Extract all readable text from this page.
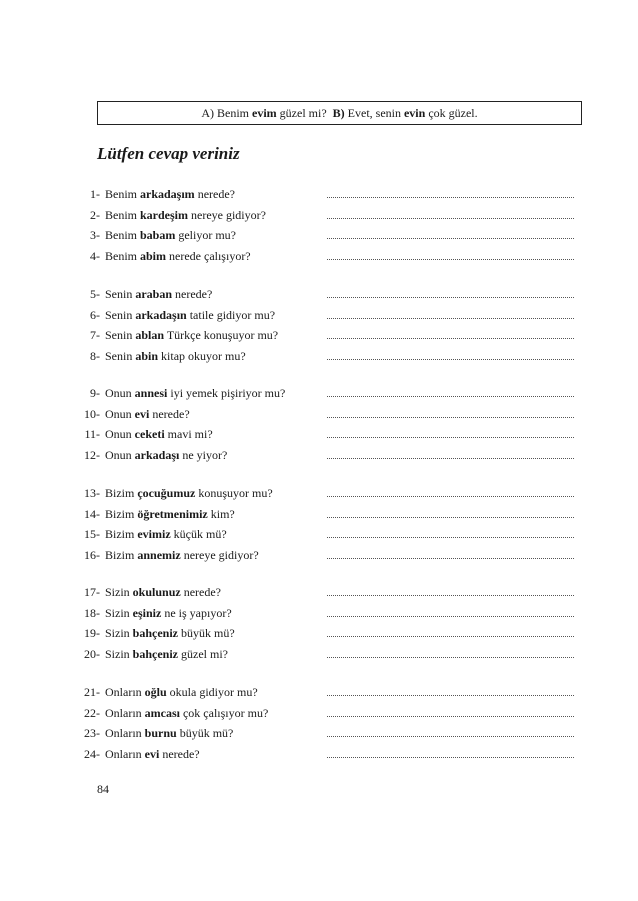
A) Benim evim güzel mi? B) Evet, senin evin çok güzel.
Lütfen cevap veriniz
1- Benim arkadaşım nerede?
2- Benim kardeşim nereye gidiyor?
3- Benim babam geliyor mu?
4- Benim abim nerede çalışıyor?
5- Senin araban nerede?
6- Senin arkadaşın tatile gidiyor mu?
7- Senin ablan Türkçe konuşuyor mu?
8- Senin abin kitap okuyor mu?
9- Onun annesi iyi yemek pişiriyor mu?
10- Onun evi nerede?
11- Onun ceketi mavi mi?
12- Onun arkadaşı ne yiyor?
13- Bizim çocuğumuz konuşuyor mu?
14- Bizim öğretmenimiz kim?
15- Bizim evimiz küçük mü?
16- Bizim annemiz nereye gidiyor?
17- Sizin okulunuz nerede?
18- Sizin eşiniz ne iş yapıyor?
19- Sizin bahçeniz büyük mü?
20- Sizin bahçeniz güzel mi?
21- Onların oğlu okula gidiyor mu?
22- Onların amcası çok çalışıyor mu?
23- Onların burnu büyük mü?
24- Onların evi nerede?
84
